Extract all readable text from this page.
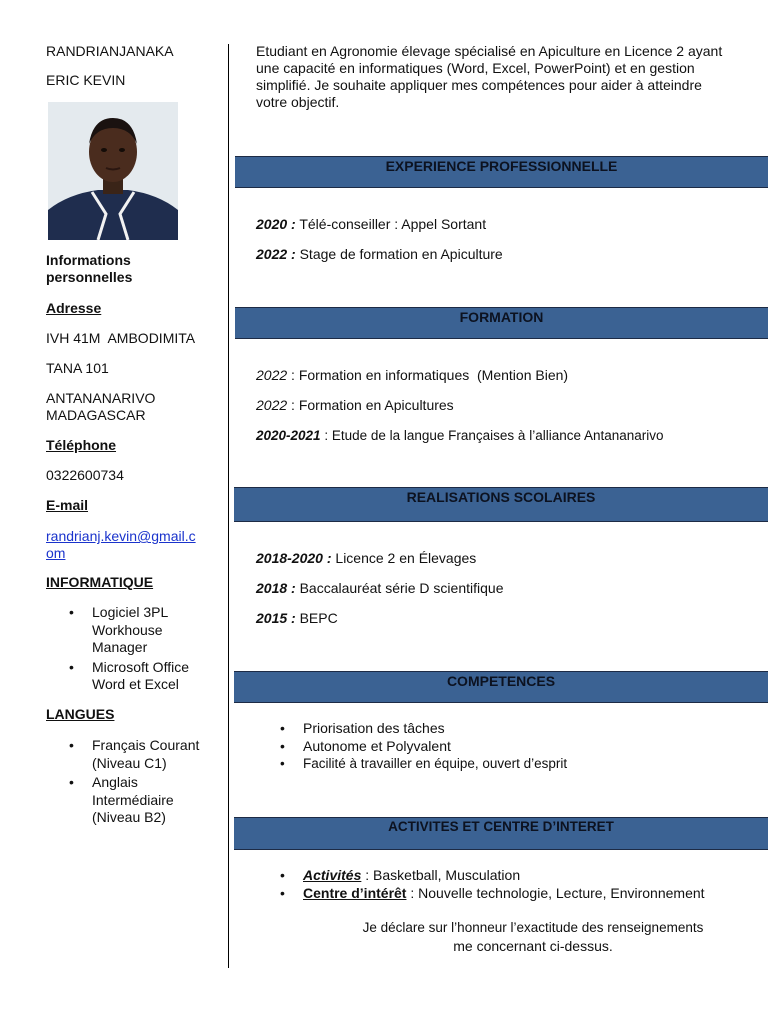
RANDRIANJANAKA
ERIC KEVIN
Informations personnelles
Adresse
IVH 41M  AMBODIMITA
TANA 101
ANTANANARIVO MADAGASCAR
Téléphone
0322600734
E-mail
randrianj.kevin@gmail.com
INFORMATIQUE
• Logiciel 3PL Workhouse Manager
• Microsoft Office Word et Excel
LANGUES
• Français Courant (Niveau C1)
• Anglais Intermédiaire (Niveau B2)
Etudiant en Agronomie élevage spécialisé en Apiculture en Licence 2 ayant une capacité en informatiques (Word, Excel, PowerPoint) et en gestion simplifié. Je souhaite appliquer mes compétences pour aider à atteindre votre objectif.
EXPERIENCE PROFESSIONNELLE
2020 : Télé-conseiller : Appel Sortant
2022 : Stage de formation en Apiculture
FORMATION
2022 : Formation en informatiques  (Mention Bien)
2022 : Formation en Apicultures
2020-2021 : Etude de la langue Françaises à l’alliance Antananarivo
REALISATIONS SCOLAIRES
2018-2020 : Licence 2 en Élevages
2018 : Baccalauréat série D scientifique
2015 : BEPC
COMPETENCES
• Priorisation des tâches
• Autonome et Polyvalent
• Facilité à travailler en équipe, ouvert d’esprit
ACTIVITES ET CENTRE D’INTERET
• Activités : Basketball, Musculation
• Centre d’intérêt : Nouvelle technologie, Lecture, Environnement
Je déclare sur l’honneur l’exactitude des renseignements
me concernant ci-dessus.
